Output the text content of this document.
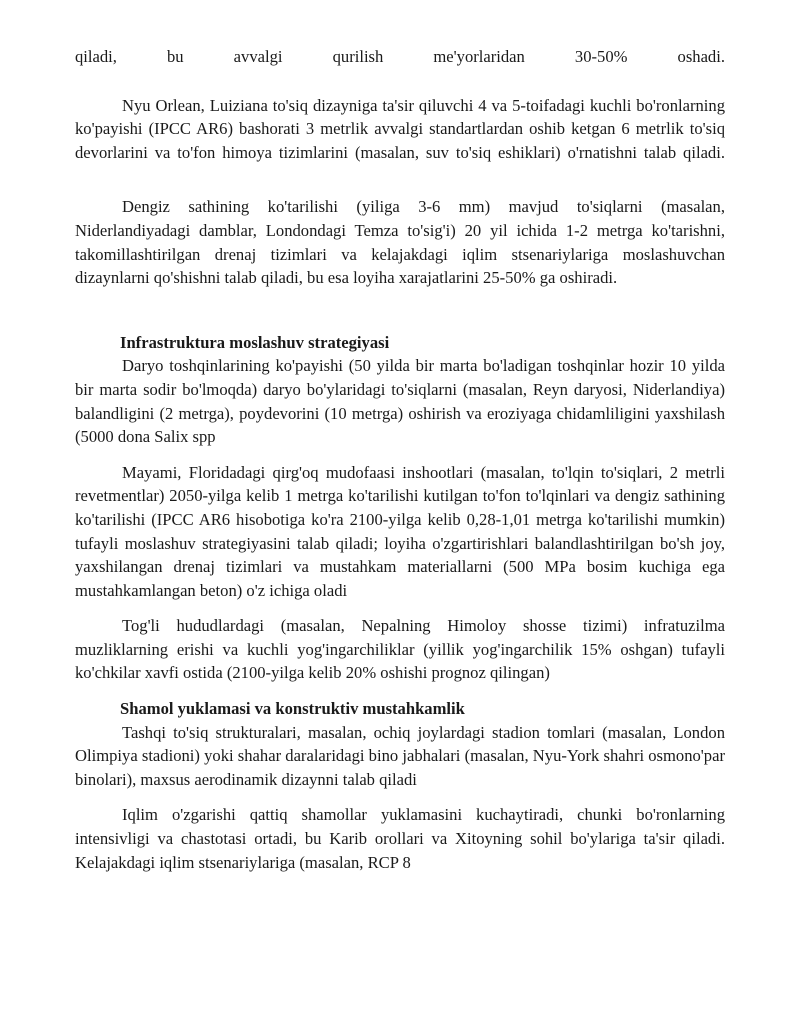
qiladi, bu avvalgi qurilish me'yorlaridan 30-50% oshadi.

Nyu Orlean, Luiziana to'siq dizayniga ta'sir qiluvchi 4 va 5-toifadagi kuchli bo'ronlarning ko'payishi (IPCC AR6) bashorati 3 metrlik avvalgi standartlardan oshib ketgan 6 metrlik to'siq devorlarini va to'fon himoya tizimlarini (masalan, suv to'siq eshiklari) o'rnatishni talab qiladi.

Dengiz sathining ko'tarilishi (yiliga 3-6 mm) mavjud to'siqlarni (masalan, Niderlandiyadagi damblar, Londondagi Temza to'sig'i) 20 yil ichida 1-2 metrga ko'tarishni, takomillashtirilgan drenaj tizimlari va kelajakdagi iqlim stsenariylariga moslashuvchan dizaynlarni qo'shishni talab qiladi, bu esa loyiha xarajatlarini 25-50% ga oshiradi.

Infrastruktura moslashuv strategiyasi

Daryo toshqinlarining ko'payishi (50 yilda bir marta bo'ladigan toshqinlar hozir 10 yilda bir marta sodir bo'lmoqda) daryo bo'ylaridagi to'siqlarni (masalan, Reyn daryosi, Niderlandiya) balandligini (2 metrga), poydevorini (10 metrga) oshirish va eroziyaga chidamliligini yaxshilash (5000 dona Salix spp

Mayami, Floridadagi qirg'oq mudofaasi inshootlari (masalan, to'lqin to'siqlari, 2 metrli revetmentlar) 2050-yilga kelib 1 metrga ko'tarilishi kutilgan to'fon to'lqinlari va dengiz sathining ko'tarilishi (IPCC AR6 hisobotiga ko'ra 2100-yilga kelib 0,28-1,01 metrga ko'tarilishi mumkin) tufayli moslashuv strategiyasini talab qiladi; loyiha o'zgartirishlari balandlashtirilgan bo'sh joy, yaxshilangan drenaj tizimlari va mustahkam materiallarni (500 MPa bosim kuchiga ega mustahkamlangan beton) o'z ichiga oladi

Tog'li hududlardagi (masalan, Nepalning Himoloy shosse tizimi) infratuzilma muzliklarning erishi va kuchli yog'ingarchiliklar (yillik yog'ingarchilik 15% oshgan) tufayli ko'chkilar xavfi ostida (2100-yilga kelib 20% oshishi prognoz qilingan)

Shamol yuklamasi va konstruktiv mustahkamlik

Tashqi to'siq strukturalari, masalan, ochiq joylardagi stadion tomlari (masalan, London Olimpiya stadioni) yoki shahar daralaridagi bino jabhalari (masalan, Nyu-York shahri osmono'par binolari), maxsus aerodinamik dizaynni talab qiladi

Iqlim o'zgarishi qattiq shamollar yuklamasini kuchaytiradi, chunki bo'ronlarning intensivligi va chastotasi ortadi, bu Karib orollari va Xitoyning sohil bo'ylariga ta'sir qiladi. Kelajakdagi iqlim stsenariylariga (masalan, RCP 8
